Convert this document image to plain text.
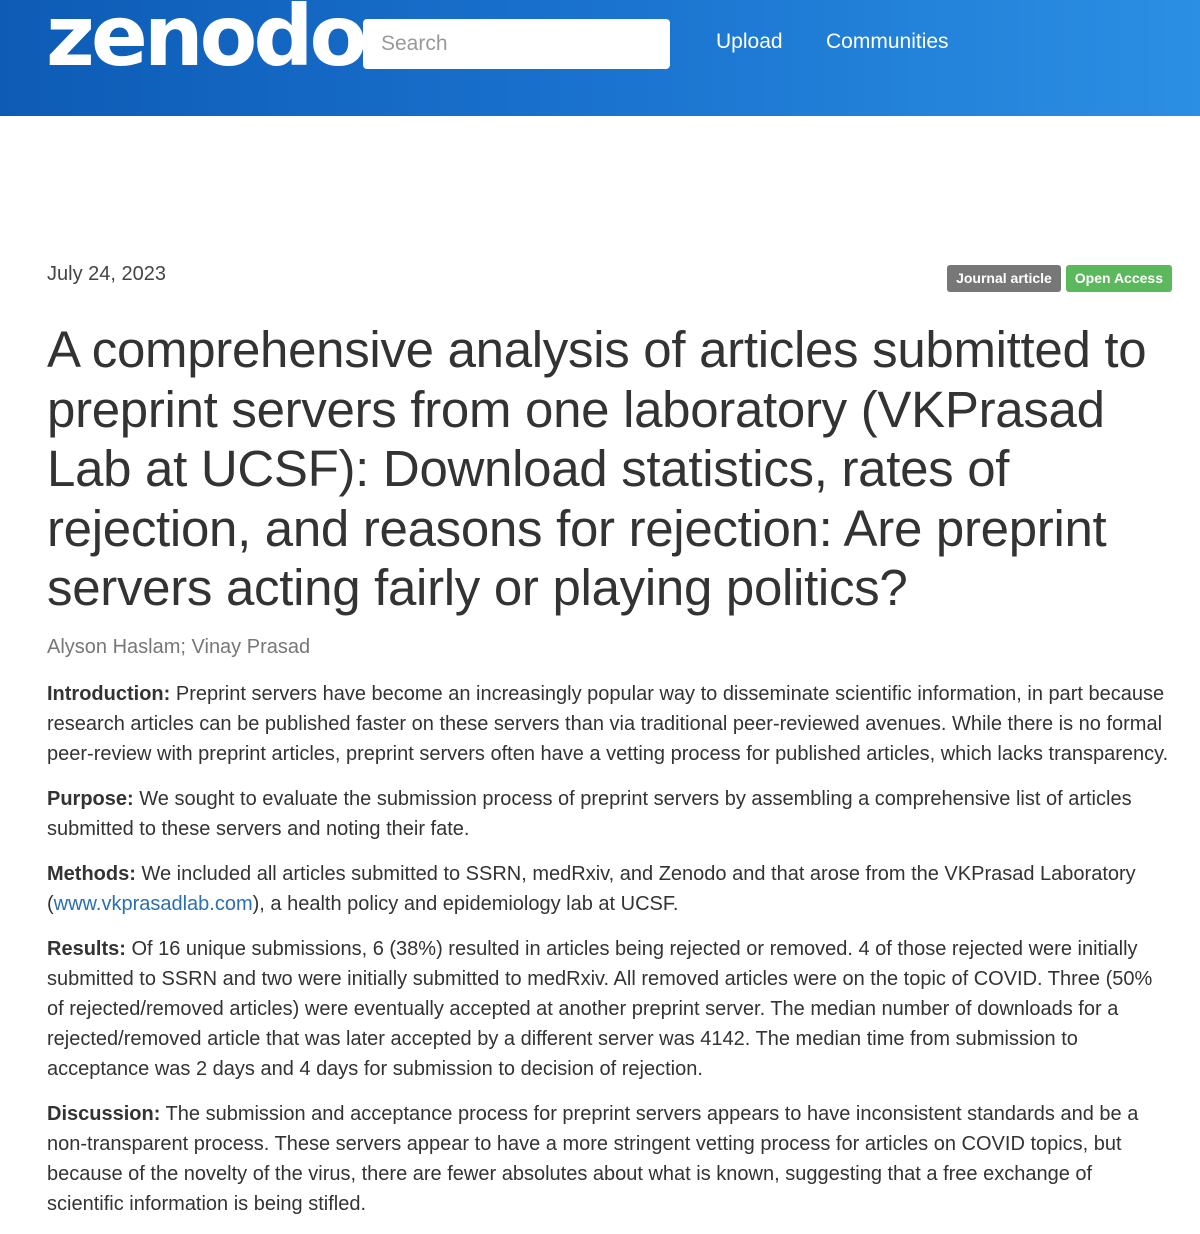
zenodo
Search	Upload Communities
July 24, 2023	Journal article	Open Access
A comprehensive analysis of articles submitted to preprint servers from one laboratory (VKPrasad Lab at UCSF): Download statistics, rates of rejection, and reasons for rejection: Are preprint servers acting fairly or playing politics?
Alyson Haslam; Vinay Prasad

Introduction: Preprint servers have become an increasingly popular way to disseminate scientific information, in part because research articles can be published faster on these servers than via traditional peer-reviewed avenues. While there is no formal peer-review with preprint articles, preprint servers often have a vetting process for published articles, which lacks transparency.

Purpose: We sought to evaluate the submission process of preprint servers by assembling a comprehensive list of articles submitted to these servers and noting their fate.

Methods: We included all articles submitted to SSRN, medRxiv, and Zenodo and that arose from the VKPrasad Laboratory (www.vkprasadlab.com), a health policy and epidemiology lab at UCSF.

Results: Of 16 unique submissions, 6 (38%) resulted in articles being rejected or removed. 4 of those rejected were initially submitted to SSRN and two were initially submitted to medRxiv. All removed articles were on the topic of COVID. Three (50% of rejected/removed articles) were eventually accepted at another preprint server. The median number of downloads for a rejected/removed article that was later accepted by a different server was 4142. The median time from submission to acceptance was 2 days and 4 days for submission to decision of rejection.

Discussion: The submission and acceptance process for preprint servers appears to have inconsistent standards and be a non-transparent process. These servers appear to have a more stringent vetting process for articles on COVID topics, but because of the novelty of the virus, there are fewer absolutes about what is known, suggesting that a free exchange of scientific information is being stifled.
